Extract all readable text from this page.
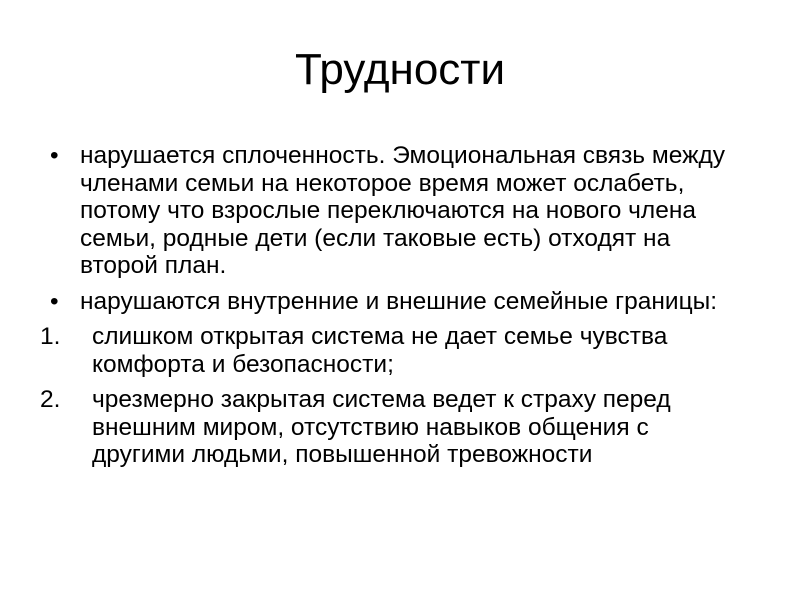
Трудности
• нарушается сплоченность. Эмоциональная связь между членами семьи на некоторое время может ослабеть, потому что взрослые переключаются на нового члена семьи, родные дети (если таковые есть) отходят на второй план.
• нарушаются внутренние и внешние семейные границы:
1. слишком открытая система не дает семье чувства комфорта и безопасности;
2. чрезмерно закрытая система ведет к страху перед внешним миром, отсутствию навыков общения с другими людьми, повышенной тревожности
